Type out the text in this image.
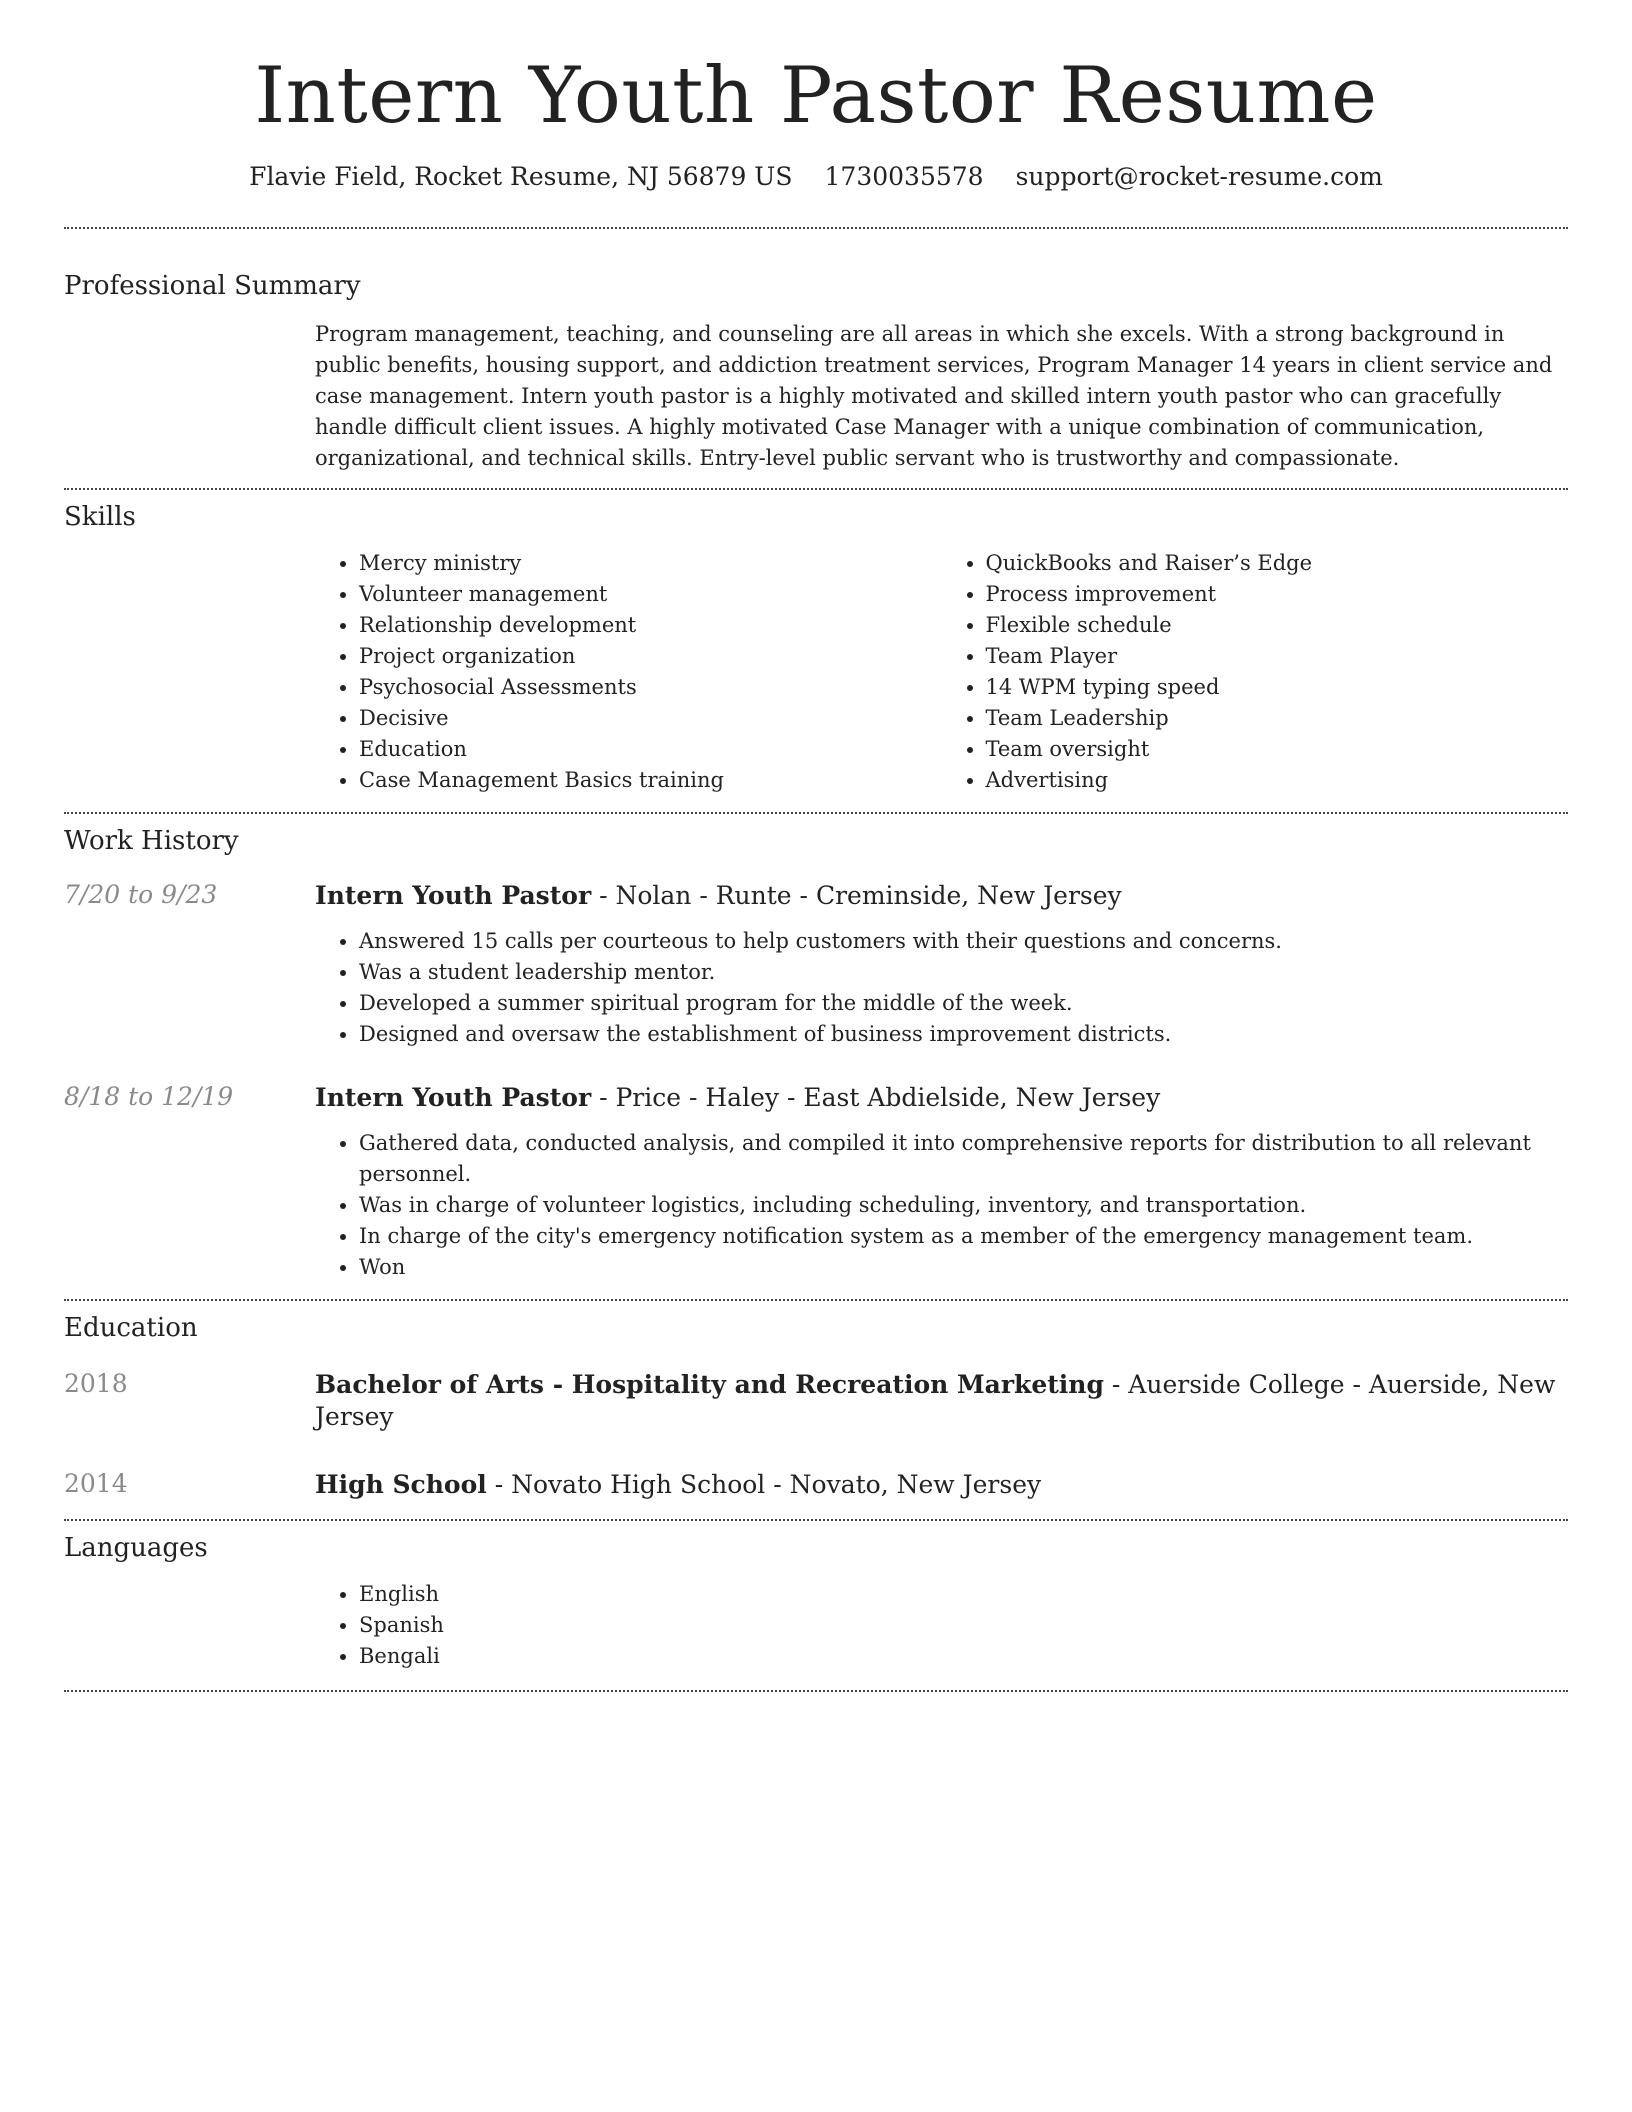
Intern Youth Pastor Resume
Flavie Field, Rocket Resume, NJ 56879 US 1730035578 support@rocket-resume.com
Professional Summary

Program management, teaching, and counseling are all areas in which she excels. With a strong background in public benefits, housing support, and addiction treatment services, Program Manager 14 years in client service and case management. Intern youth pastor is a highly motivated and skilled intern youth pastor who can gracefully handle difficult client issues. A highly motivated Case Manager with a unique combination of communication, organizational, and technical skills. Entry-level public servant who is trustworthy and compassionate.

Skills
• Mercy ministry
• Volunteer management
• Relationship development
• Project organization
• Psychosocial Assessments
• Decisive
• Education
• Case Management Basics training
• QuickBooks and Raiser’s Edge
• Process improvement
• Flexible schedule
• Team Player
• 14 WPM typing speed
• Team Leadership
• Team oversight
• Advertising
Work History
7/20 to 9/23	Intern Youth Pastor - Nolan - Runte - Creminside, New Jersey
• Answered 15 calls per courteous to help customers with their questions and concerns.
• Was a student leadership mentor.
• Developed a summer spiritual program for the middle of the week.
• Designed and oversaw the establishment of business improvement districts.
8/18 to 12/19	Intern Youth Pastor - Price - Haley - East Abdielside, New Jersey
• Gathered data, conducted analysis, and compiled it into comprehensive reports for distribution to all relevant personnel.
• Was in charge of volunteer logistics, including scheduling, inventory, and transportation.
• In charge of the city's emergency notification system as a member of the emergency management team.
• Won
Education
2018	Bachelor of Arts - Hospitality and Recreation Marketing - Auerside College - Auerside, New Jersey
2014	High School - Novato High School - Novato, New Jersey
Languages
• English
• Spanish
• Bengali
